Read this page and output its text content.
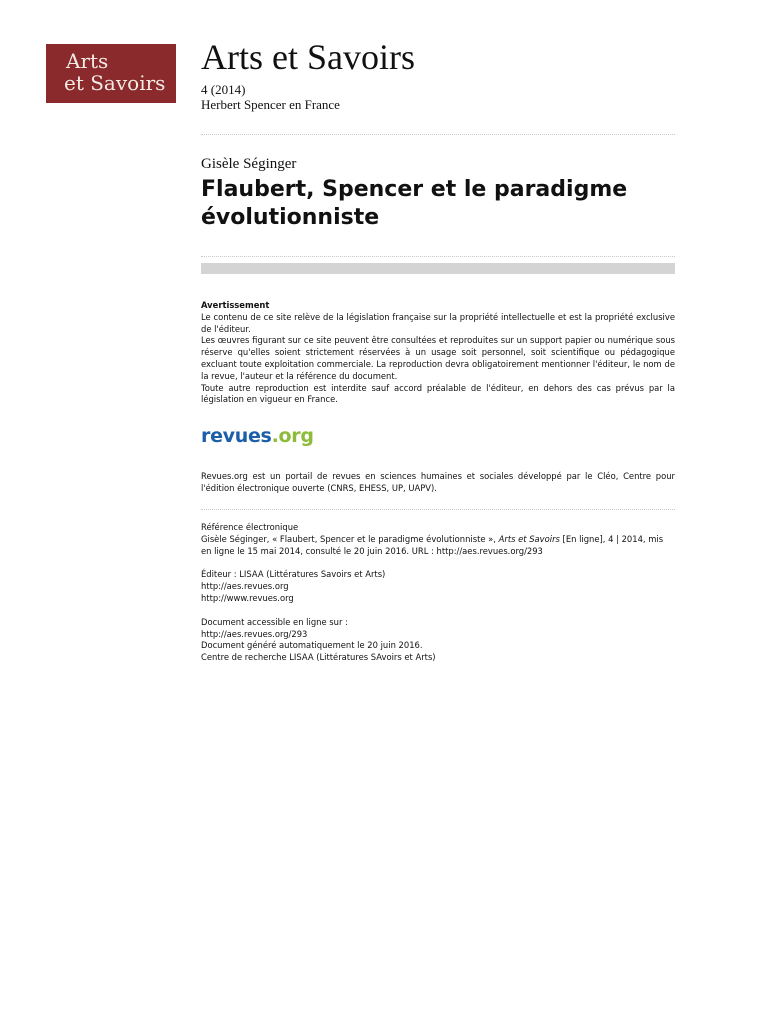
Arts
et Savoirs
Arts et Savoirs
4 (2014)
Herbert Spencer en France
Gisèle Séginger
Flaubert, Spencer et le paradigme évolutionniste

Avertissement

Le contenu de ce site relève de la législation française sur la propriété intellectuelle et est la propriété exclusive de l'éditeur.

Les œuvres figurant sur ce site peuvent être consultées et reproduites sur un support papier ou numérique sous réserve qu'elles soient strictement réservées à un usage soit personnel, soit scientifique ou pédagogique excluant toute exploitation commerciale. La reproduction devra obligatoirement mentionner l'éditeur, le nom de la revue, l'auteur et la référence du document.

Toute autre reproduction est interdite sauf accord préalable de l'éditeur, en dehors des cas prévus par la législation en vigueur en France.

revues.org
Revues.org est un portail de revues en sciences humaines et sociales développé par le Cléo, Centre pour l'édition électronique ouverte (CNRS, EHESS, UP, UAPV).

Référence électronique

Gisèle Séginger, « Flaubert, Spencer et le paradigme évolutionniste », Arts et Savoirs [En ligne], 4 | 2014, mis en ligne le 15 mai 2014, consulté le 20 juin 2016. URL : http://aes.revues.org/293

Éditeur : LISAA (Littératures Savoirs et Arts)

http://aes.revues.org

http://www.revues.org

Document accessible en ligne sur :

http://aes.revues.org/293

Document généré automatiquement le 20 juin 2016.

Centre de recherche LISAA (Littératures SAvoirs et Arts)
